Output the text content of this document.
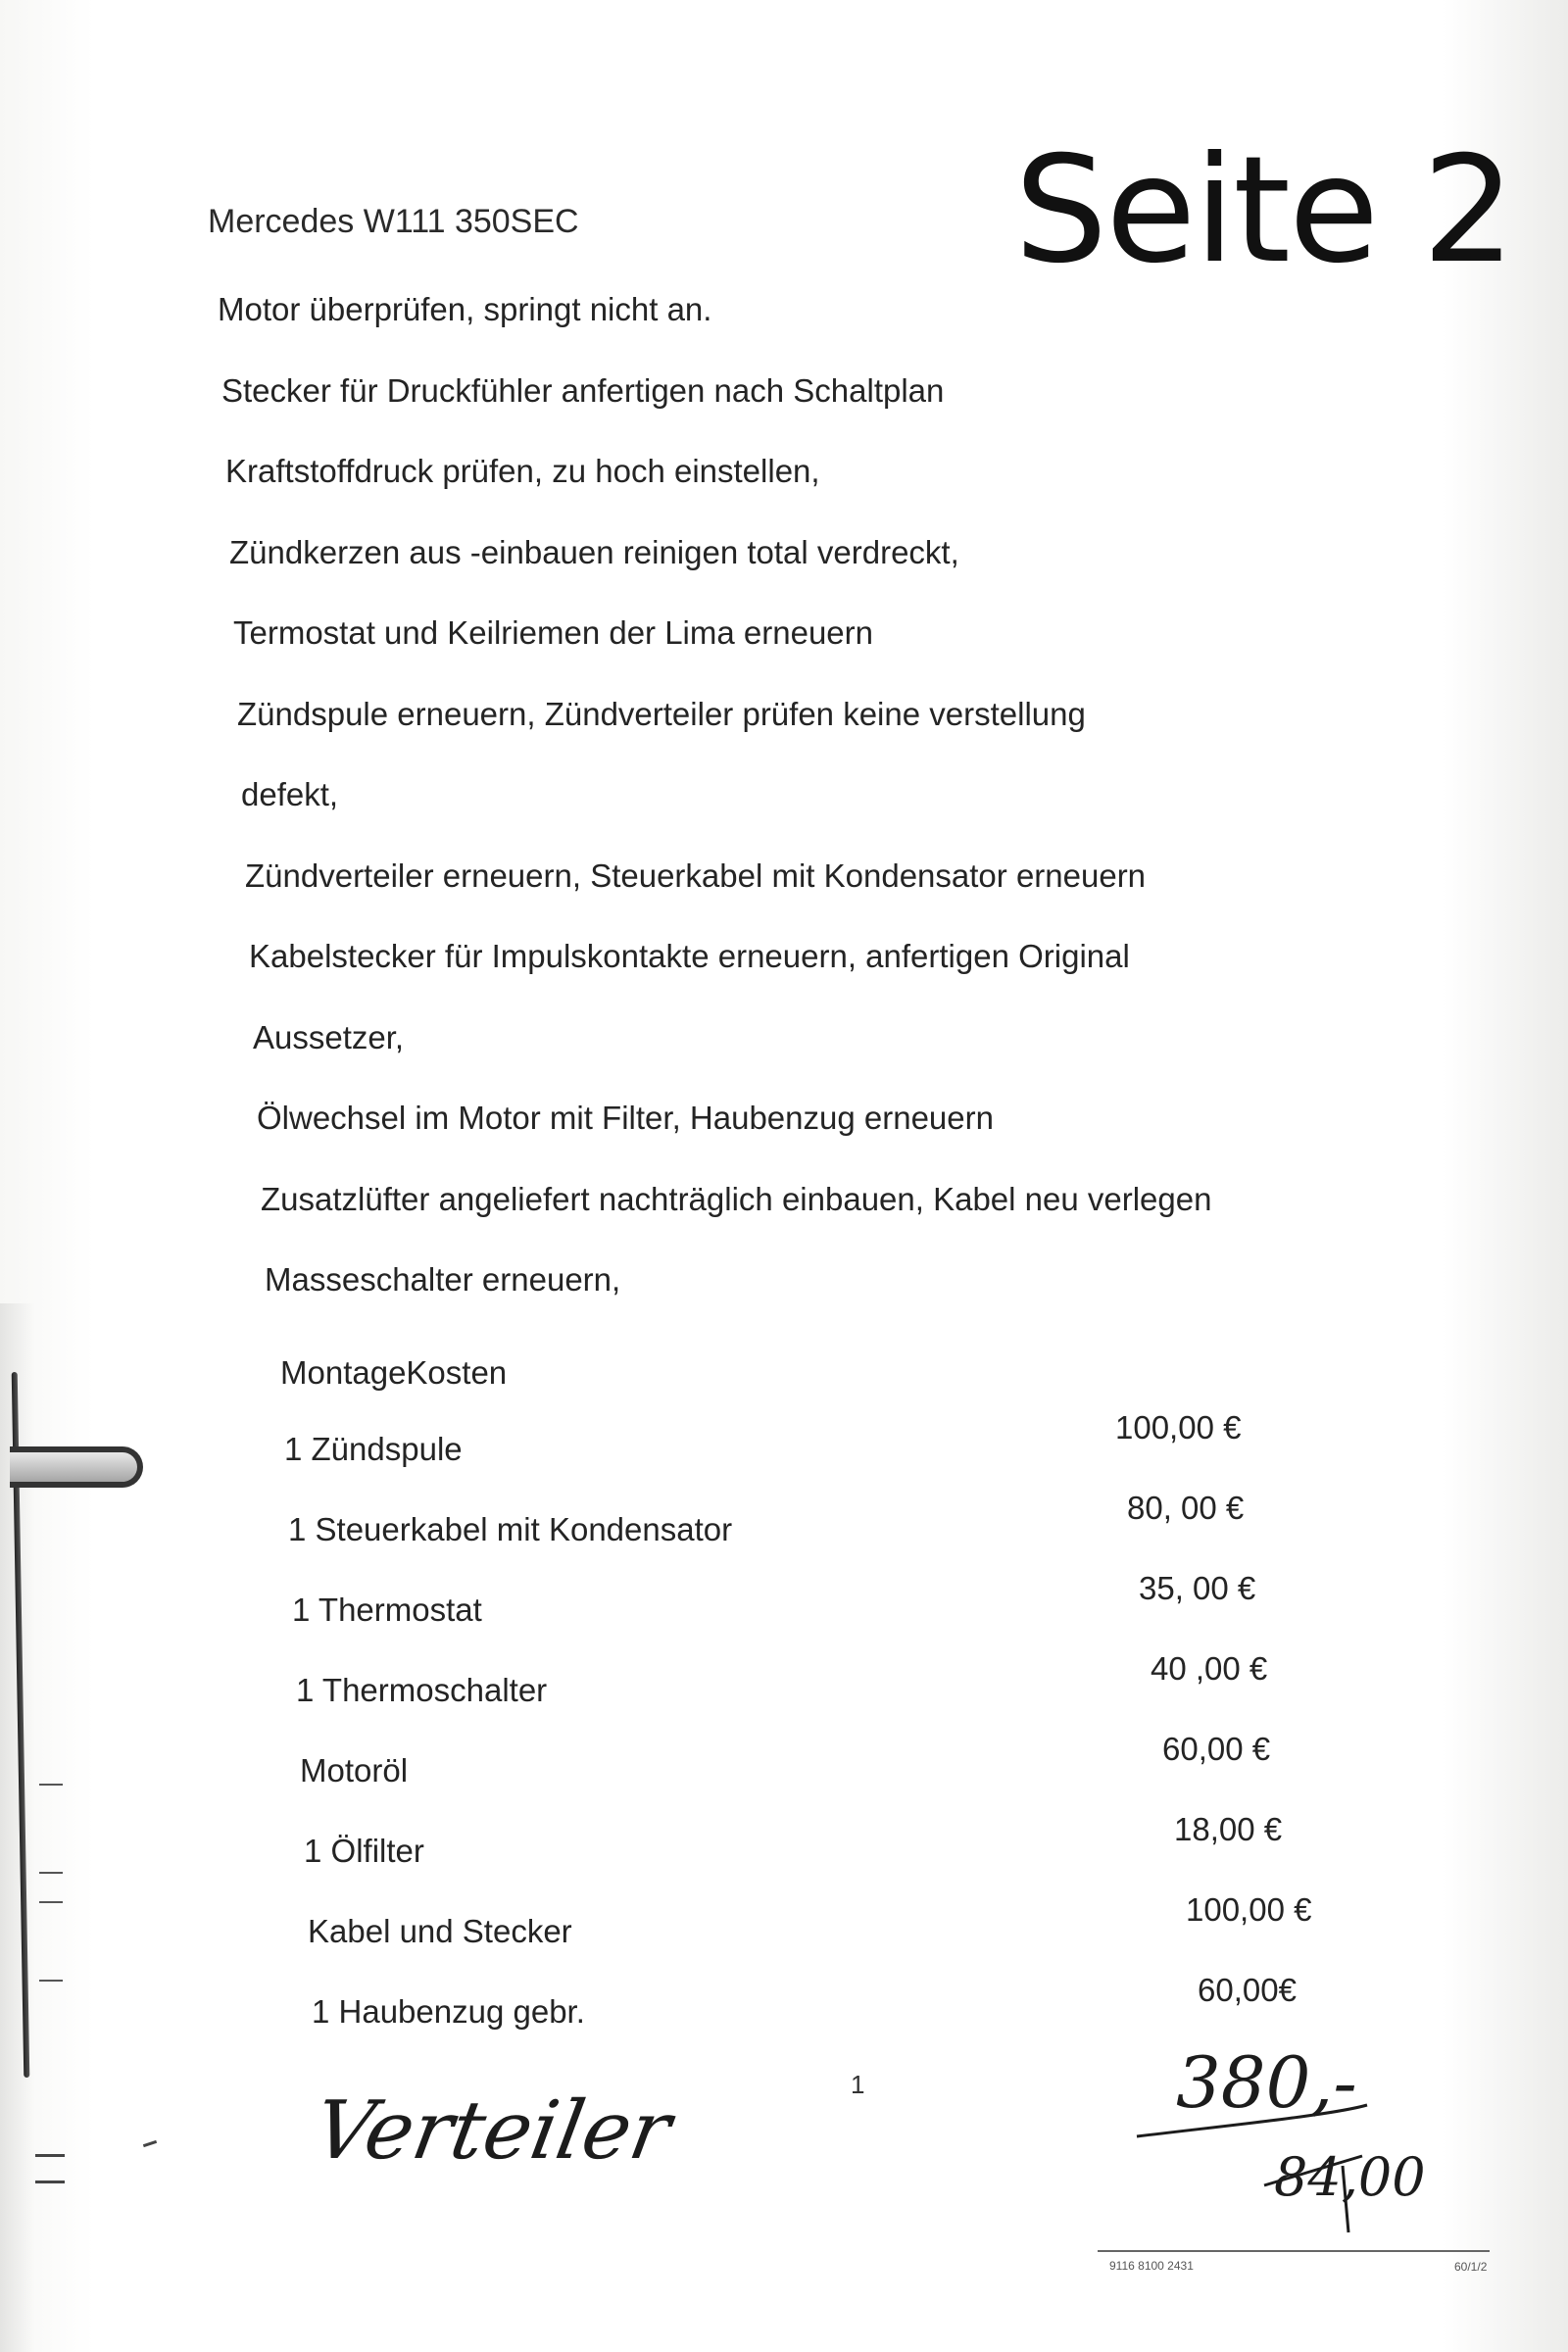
Seite 2
Mercedes W111 350SEC
Motor überprüfen, springt nicht an.
Stecker für Druckfühler anfertigen nach Schaltplan
Kraftstoffdruck prüfen, zu hoch einstellen,
Zündkerzen aus -einbauen reinigen total verdreckt,
Termostat und Keilriemen der Lima erneuern
Zündspule erneuern, Zündverteiler prüfen keine verstellung
defekt,
Zündverteiler erneuern, Steuerkabel mit Kondensator erneuern
Kabelstecker für Impulskontakte erneuern, anfertigen Original
Aussetzer,
Ölwechsel im Motor mit Filter, Haubenzug erneuern
Zusatzlüfter angeliefert nachträglich einbauen, Kabel neu verlegen
Masseschalter erneuern,
MontageKosten
1 Zündspule
100,00 €
1 Steuerkabel mit Kondensator
80, 00 €
1 Thermostat
35, 00 €
1 Thermoschalter
40 ,00 €
Motoröl
60,00 €
1 Ölfilter
18,00 €
Kabel und Stecker
100,00 €
1 Haubenzug gebr.
60,00€
1
Verteiler
380,-
84,00
9116 8100 2431	60/1/2
